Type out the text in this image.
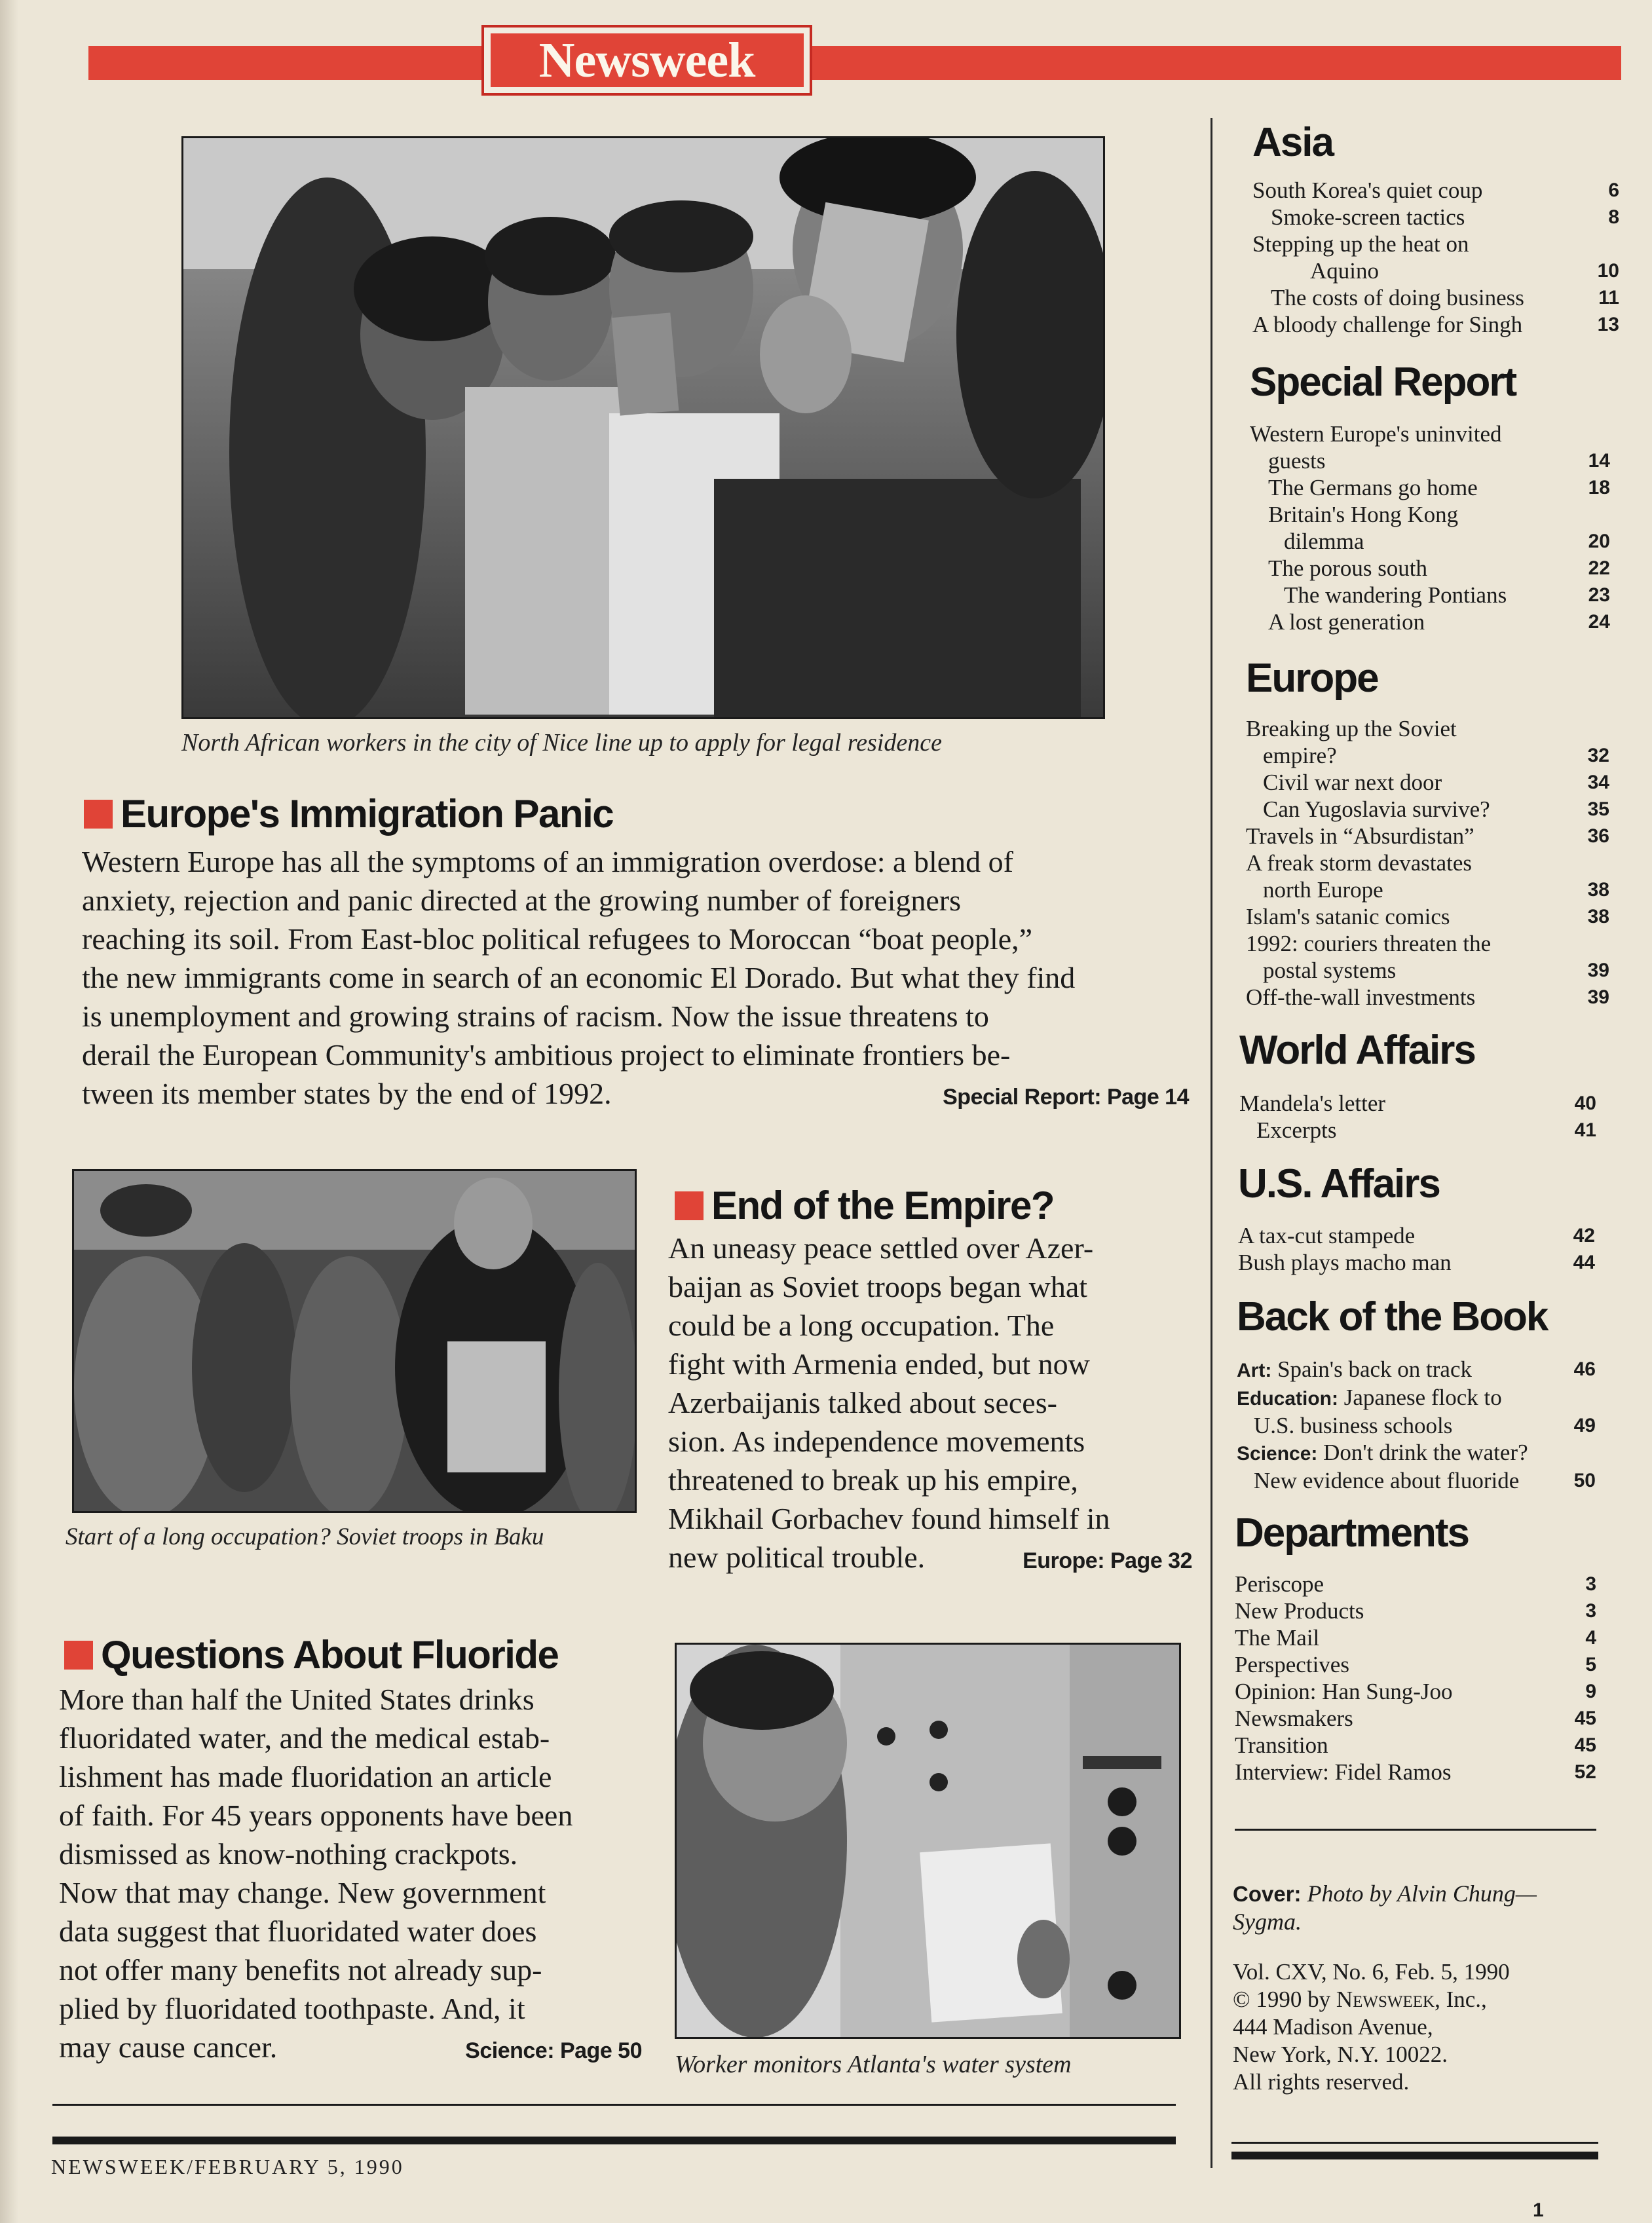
Newsweek
North African workers in the city of Nice line up to apply for legal residence
Europe's Immigration Panic
Western Europe has all the symptoms of an immigration overdose: a blend of
anxiety, rejection and panic directed at the growing number of foreigners
reaching its soil. From East-bloc political refugees to Moroccan “boat people,”
the new immigrants come in search of an economic El Dorado. But what they find
is unemployment and growing strains of racism. Now the issue threatens to
derail the European Community's ambitious project to eliminate frontiers be-
Special Report: Page 14
tween its member states by the end of 1992.
Start of a long occupation? Soviet troops in Baku
End of the Empire?
An uneasy peace settled over Azer-
baijan as Soviet troops began what
could be a long occupation. The
fight with Armenia ended, but now
Azerbaijanis talked about seces-
sion. As independence movements
threatened to break up his empire,
Mikhail Gorbachev found himself in
Europe: Page 32
new political trouble.
Questions About Fluoride
More than half the United States drinks
fluoridated water, and the medical estab-
lishment has made fluoridation an article
of faith. For 45 years opponents have been
dismissed as know-nothing crackpots.
Now that may change. New government
data suggest that fluoridated water does
not offer many benefits not already sup-
plied by fluoridated toothpaste. And, it
Science: Page 50
may cause cancer.
Worker monitors Atlanta's water system
NEWSWEEK/FEBRUARY 5, 1990
1
Asia
South Korea's quiet coup	6
Smoke-screen tactics	8
Stepping up the heat on
Aquino	10
The costs of doing business	11
A bloody challenge for Singh	13
Special Report
Western Europe's uninvited
guests	14
The Germans go home	18
Britain's Hong Kong
dilemma	20
The porous south	22
The wandering Pontians	23
A lost generation	24
Europe
Breaking up the Soviet
empire?	32
Civil war next door	34
Can Yugoslavia survive?	35
Travels in “Absurdistan”	36
A freak storm devastates
north Europe	38
Islam's satanic comics	38
1992: couriers threaten the
postal systems	39
Off-the-wall investments	39
World Affairs
Mandela's letter	40
Excerpts	41
U.S. Affairs
A tax-cut stampede	42
Bush plays macho man	44
Back of the Book
Art: Spain's back on track	46
Education: Japanese flock to
U.S. business schools	49
Science: Don't drink the water?
New evidence about fluoride	50
Departments
Periscope	3
New Products	3
The Mail	4
Perspectives	5
Opinion: Han Sung-Joo	9
Newsmakers	45
Transition	45
Interview: Fidel Ramos	52
Cover: Photo by Alvin Chung—
Sygma.
Vol. CXV, No. 6, Feb. 5, 1990
© 1990 by Newsweek, Inc.,
444 Madison Avenue,
New York, N.Y. 10022.
All rights reserved.
